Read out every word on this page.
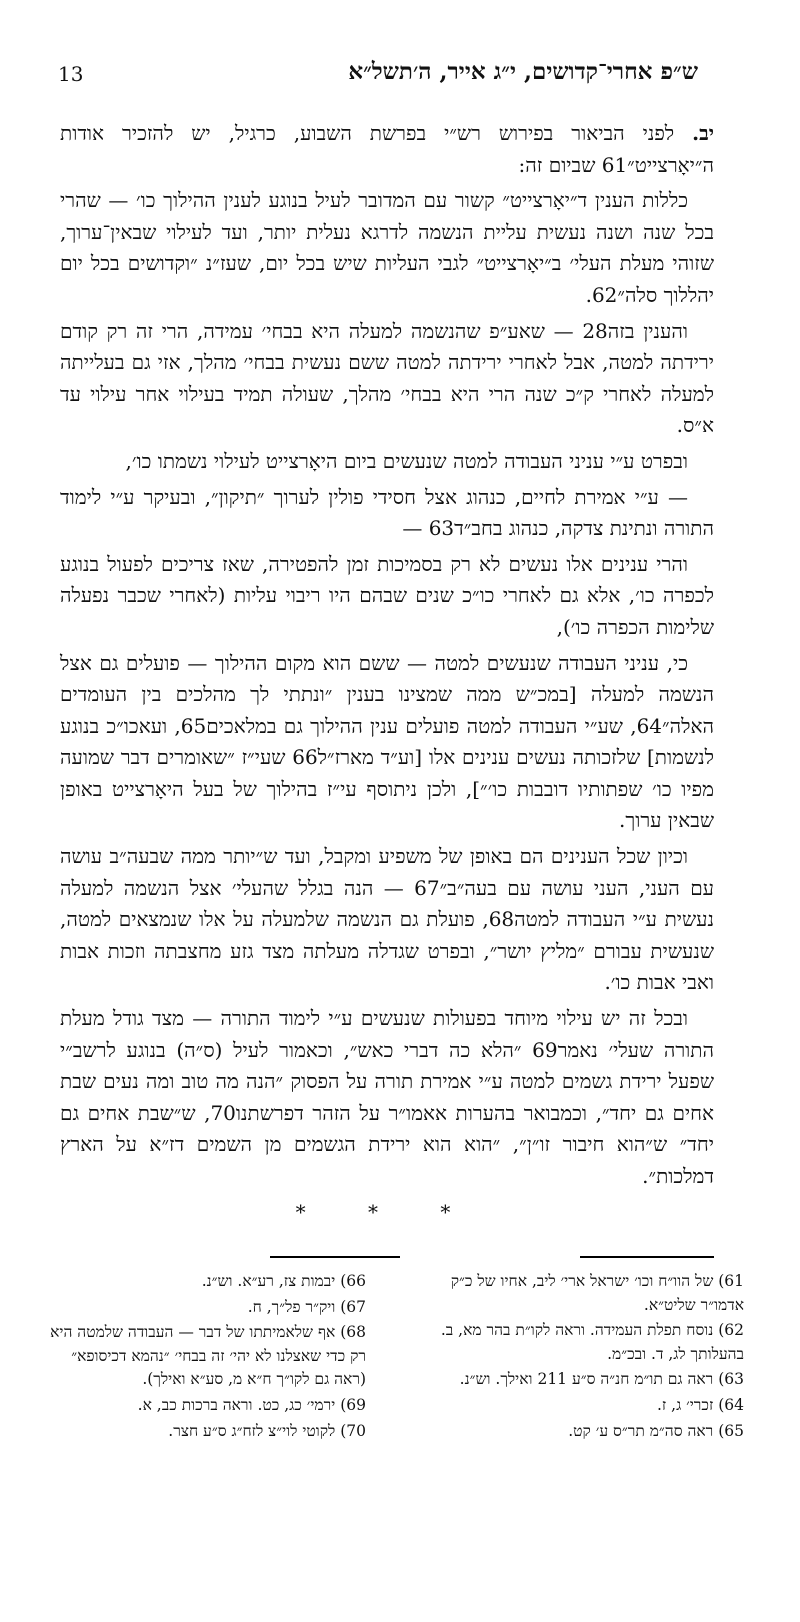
13	ש״פ אחרי־קדושים, י״ג אייר, ה׳תשל״א

יב. לפני הביאור בפירוש רש״י בפרשת השבוע, כרגיל, יש להזכיר אודות ה״יאָרצייט״61 שביום זה:

כללות הענין ד״יאָרצייט״ קשור עם המדובר לעיל בנוגע לענין ההילוך כו׳ — שהרי בכל שנה ושנה נעשית עליית הנשמה לדרגא נעלית יותר, ועד לעילוי שבאין־ערוך, שזוהי מעלת העלי׳ ב״יאָרצייט״ לגבי העליות שיש בכל יום, שעז״נ ״וקדושים בכל יום יהללוך סלה״62.

והענין בזה28 — שאע״פ שהנשמה למעלה היא בבחי׳ עמידה, הרי זה רק קודם ירידתה למטה, אבל לאחרי ירידתה למטה ששם נעשית בבחי׳ מהלך, אזי גם בעלייתה למעלה לאחרי ק״כ שנה הרי היא בבחי׳ מהלך, שעולה תמיד בעילוי אחר עילוי עד א״ס.

ובפרט ע״י עניני העבודה למטה שנעשים ביום היאָרצייט לעילוי נשמתו כו׳,

— ע״י אמירת לחיים, כנהוג אצל חסידי פולין לערוך ״תיקון״, ובעיקר ע״י לימוד התורה ונתינת צדקה, כנהוג בחב״ד63 —

והרי ענינים אלו נעשים לא רק בסמיכות זמן להפטירה, שאז צריכים לפעול בנוגע לכפרה כו׳, אלא גם לאחרי כו״כ שנים שבהם היו ריבוי עליות (לאחרי שכבר נפעלה שלימות הכפרה כו׳),

כי, עניני העבודה שנעשים למטה — ששם הוא מקום ההילוך — פועלים גם אצל הנשמה למעלה [במכ״ש ממה שמצינו בענין ״ונתתי לך מהלכים בין העומדים האלה״64, שע״י העבודה למטה פועלים ענין ההילוך גם במלאכים65, ועאכו״כ בנוגע לנשמות] שלזכותה נעשים ענינים אלו [וע״ד מארז״ל66 שעי״ז ״שאומרים דבר שמועה מפיו כו׳ שפתותיו דובבות כו׳״], ולכן ניתוסף עי״ז בהילוך של בעל היאָרצייט באופן שבאין ערוך.

וכיון שכל הענינים הם באופן של משפיע ומקבל, ועד ש״יותר ממה שבעה״ב עושה עם העני, העני עושה עם בעה״ב״67 — הנה בגלל שהעלי׳ אצל הנשמה למעלה נעשית ע״י העבודה למטה68, פועלת גם הנשמה שלמעלה על אלו שנמצאים למטה, שנעשית עבורם ״מליץ יושר״, ובפרט שגדלה מעלתה מצד גזע מחצבתה וזכות אבות ואבי אבות כו׳.

ובכל זה יש עילוי מיוחד בפעולות שנעשים ע״י לימוד התורה — מצד גודל מעלת התורה שעלי׳ נאמר69 ״הלא כה דברי כאש״, וכאמור לעיל (ס״ה) בנוגע לרשב״י שפעל ירידת גשמים למטה ע״י אמירת תורה על הפסוק ״הנה מה טוב ומה נעים שבת אחים גם יחד״, וכמבואר בהערות אאמו״ר על הזהר דפרשתנו70, ש״שבת אחים גם יחד״ ש״הוא חיבור זו״ן״, ״הוא הוא ירידת הגשמים מן השמים דז״א על הארץ דמלכות״.

* * *

61) של הוו״ח וכו׳ ישראל ארי׳ ליב, אחיו של כ״ק אדמו״ר שליט״א.

62) נוסח תפלת העמידה. וראה לקו״ת בהר מא, ב. בהעלותך לג, ד. ובכ״מ.

63) ראה גם תו״מ חנ״ה ס״ע 211 ואילך. וש״נ.

64) זכרי׳ ג, ז.

65) ראה סה״מ תר״ס ע׳ קט.

66) יבמות צז, רע״א. וש״נ.

67) ויק״ר פל״ך, ח.

68) אף שלאמיתתו של דבר — העבודה שלמטה היא רק כדי שאצלנו לא יהי׳ זה בבחי׳ ״נהמא דכיסופא״ (ראה גם לקו״ך ח״א מ, סע״א ואילך).

69) ירמי׳ כג, כט. וראה ברכות כב, א.

70) לקוטי לוי״צ לזח״ג ס״ע חצר.
